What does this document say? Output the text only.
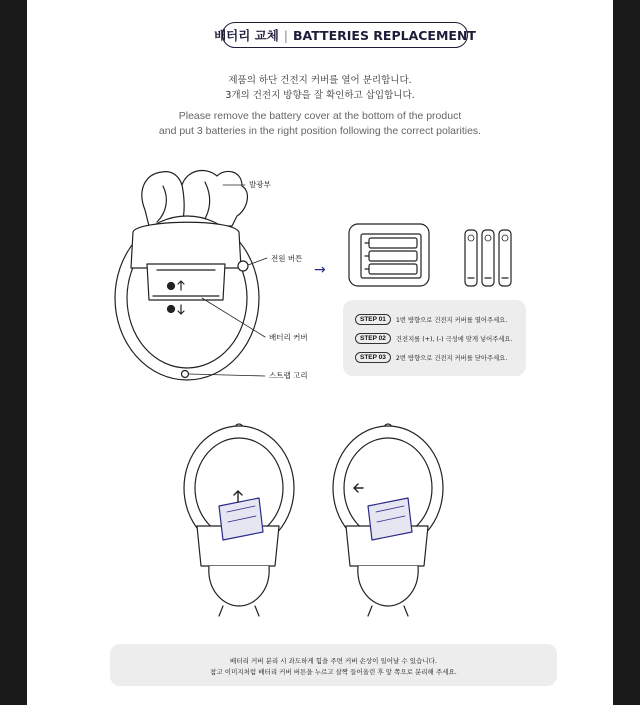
배터리 교체 | BATTERIES REPLACEMENT
제품의 하단 건전지 커버를 열어 분리합니다.
3개의 건전지 방향을 잘 확인하고 삽입합니다.
Please remove the battery cover at the bottom of the product
and put 3 batteries in the right position following the correct polarities.
발광부
전원 버튼
배터리 커버
스트랩 고리
→
STEP 01	1번 방향으로 건전지 커버를 열어주세요.
STEP 02	건전지를 (+), (-) 극성에 맞게 넣어주세요.
STEP 03	2번 방향으로 건전지 커버를 닫아주세요.
배터리 커버 분리 시 과도하게 힘을 주면 커버 손상이 일어날 수 있습니다.
참고 이미지처럼 배터리 커버 버튼을 누르고 살짝 들어올린 후 앞 쪽으로 분리해 주세요.
2
1
